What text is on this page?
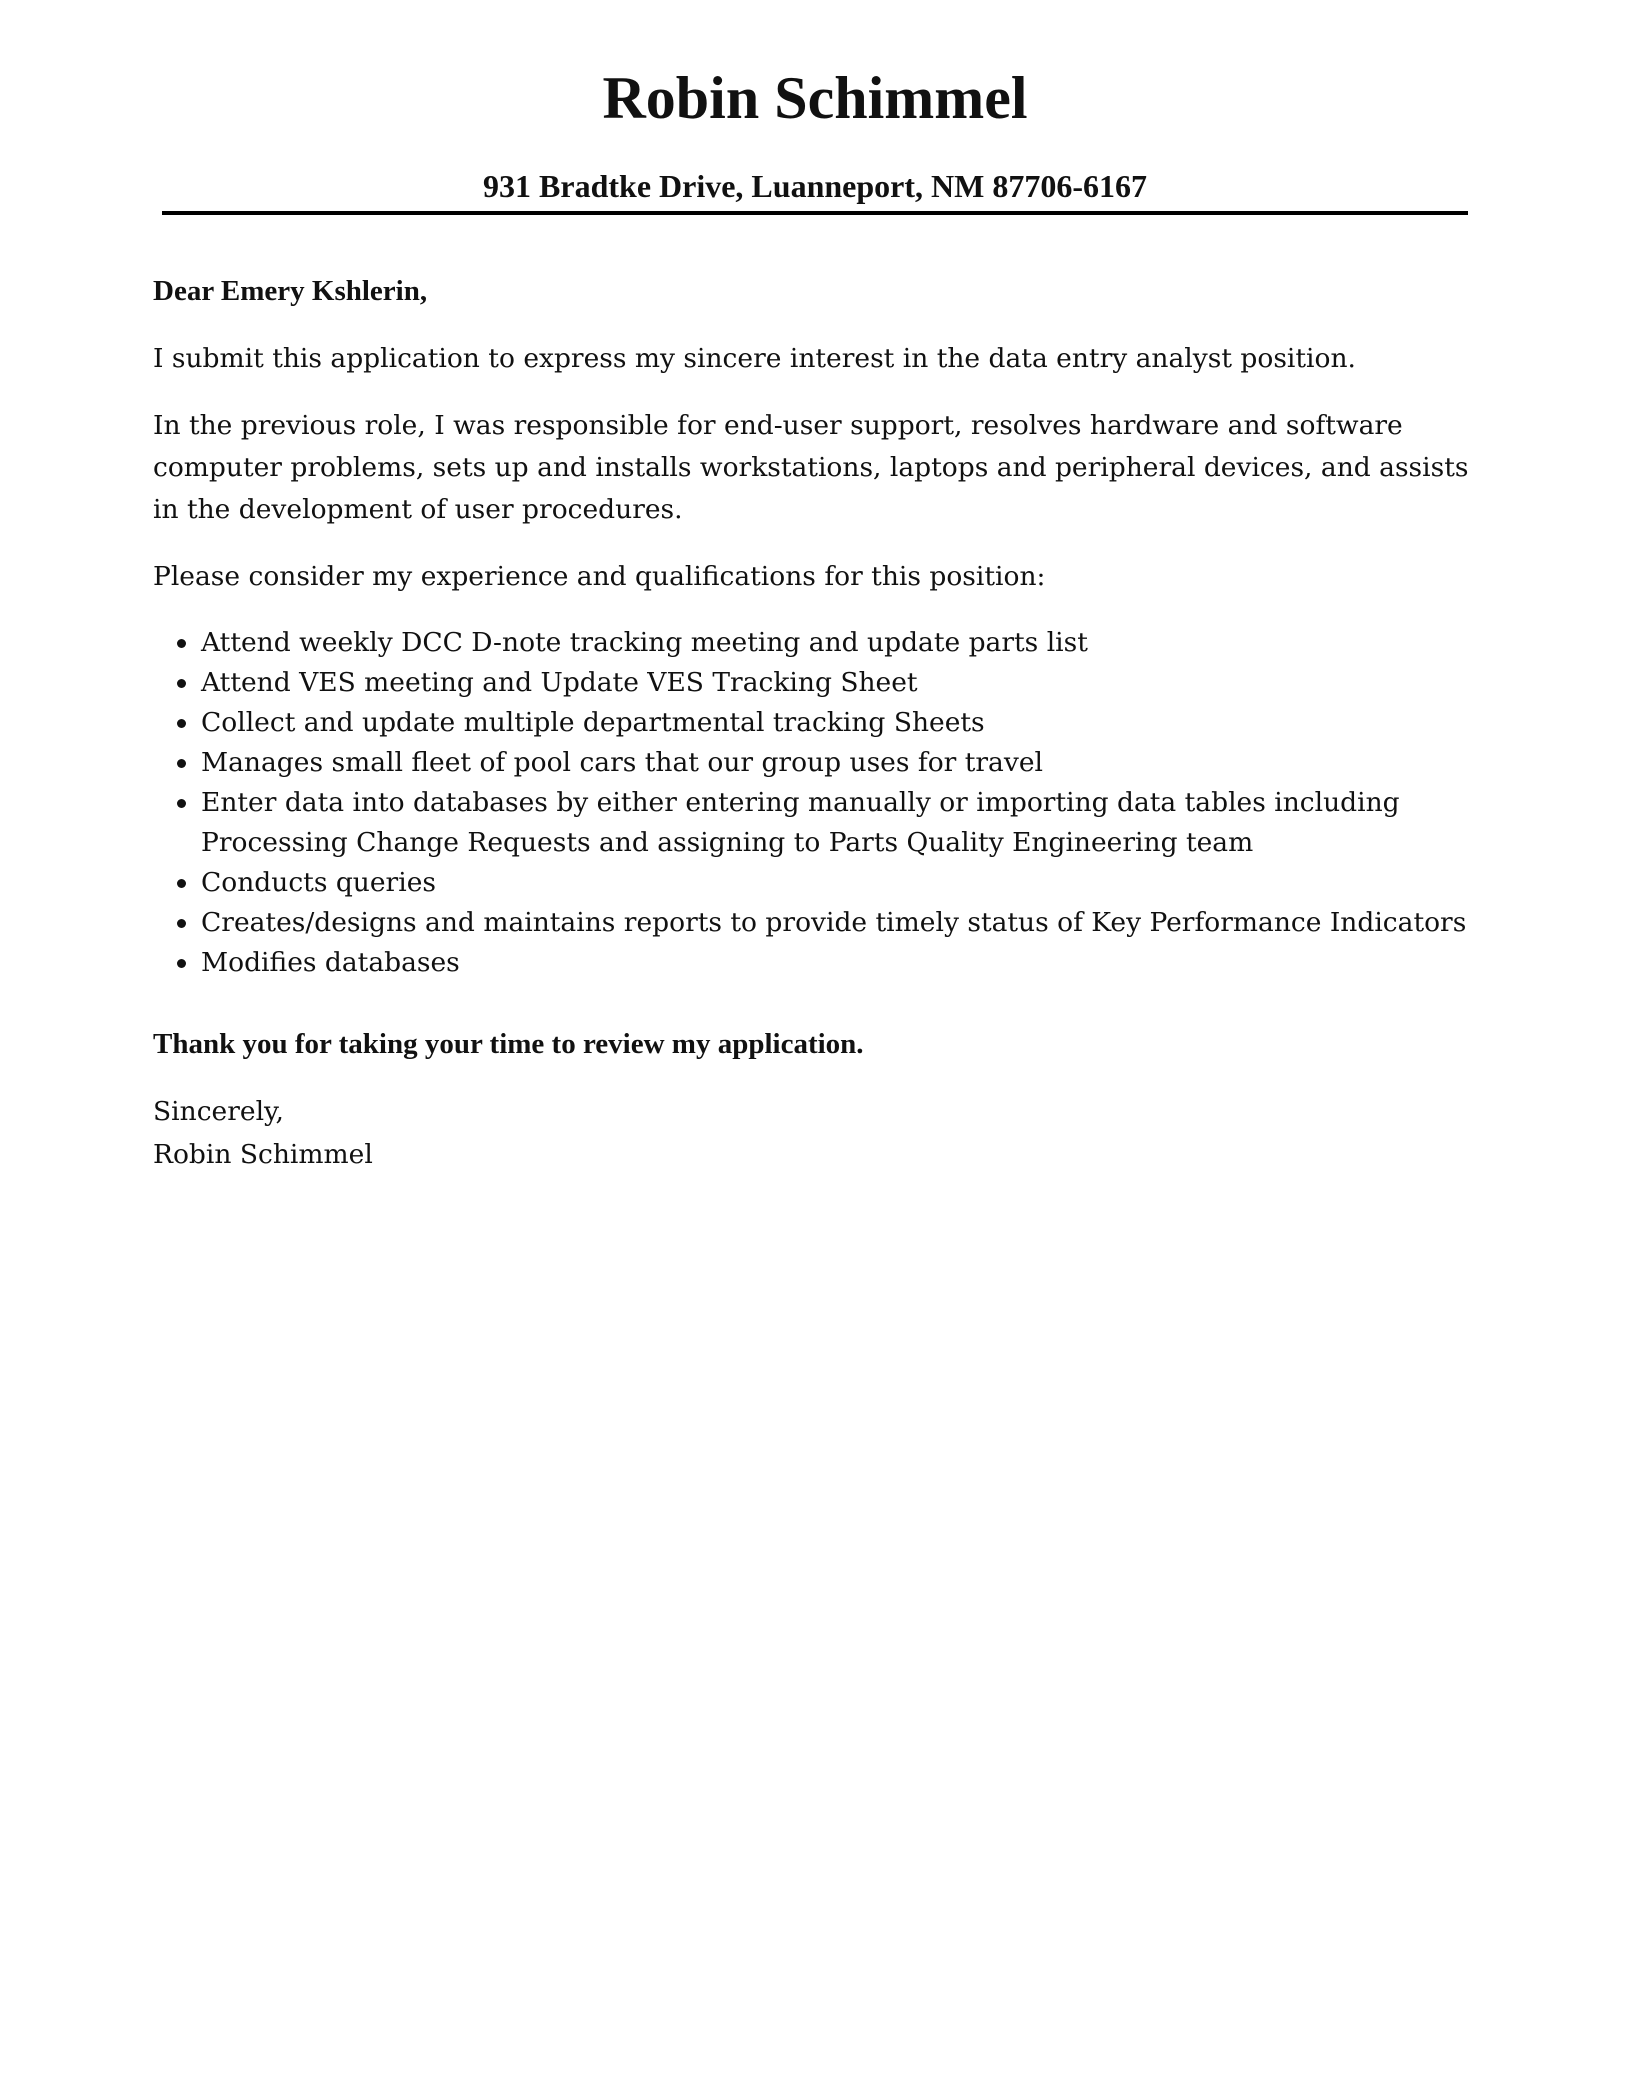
Robin Schimmel
931 Bradtke Drive, Luanneport, NM 87706-6167

Dear Emery Kshlerin,

I submit this application to express my sincere interest in the data entry analyst position.

In the previous role, I was responsible for end-user support, resolves hardware and software computer problems, sets up and installs workstations, laptops and peripheral devices, and assists in the development of user procedures.

Please consider my experience and qualifications for this position:

Attend weekly DCC D-note tracking meeting and update parts list
Attend VES meeting and Update VES Tracking Sheet
Collect and update multiple departmental tracking Sheets
Manages small fleet of pool cars that our group uses for travel
Enter data into databases by either entering manually or importing data tables including Processing Change Requests and assigning to Parts Quality Engineering team
Conducts queries
Creates/designs and maintains reports to provide timely status of Key Performance Indicators
Modifies databases

Thank you for taking your time to review my application.

Sincerely,

Robin Schimmel
